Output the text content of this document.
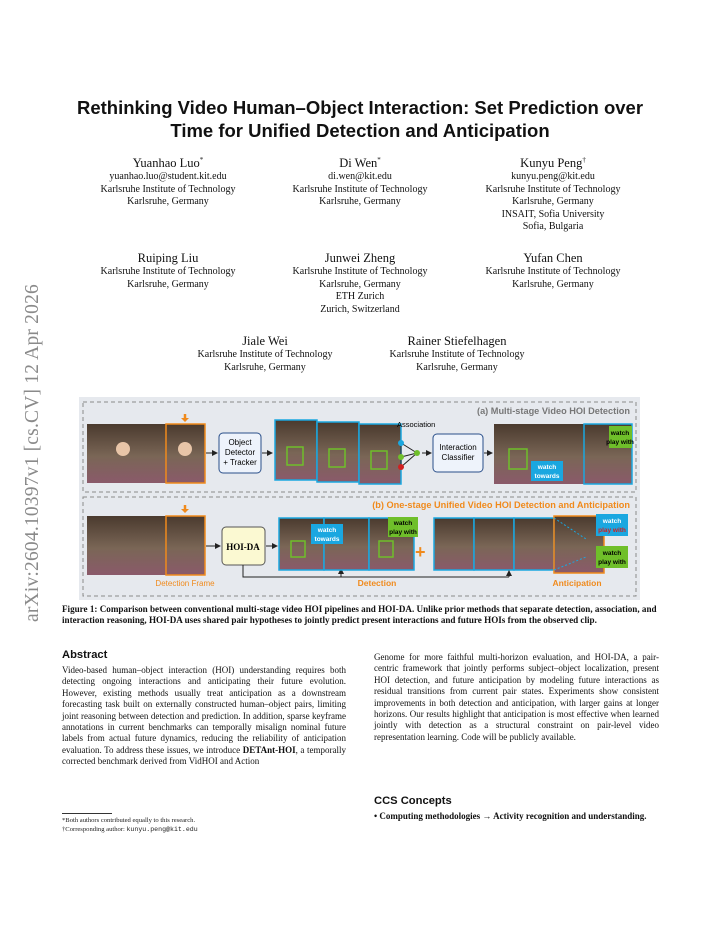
arXiv:2604.10397v1 [cs.CV] 12 Apr 2026
Rethinking Video Human–Object Interaction: Set Prediction over Time for Unified Detection and Anticipation
Yuanhao Luo*
yuanhao.luo@student.kit.edu
Karlsruhe Institute of Technology
Karlsruhe, Germany
Di Wen*
di.wen@kit.edu
Karlsruhe Institute of Technology
Karlsruhe, Germany
Kunyu Peng†
kunyu.peng@kit.edu
Karlsruhe Institute of Technology
Karlsruhe, Germany
INSAIT, Sofia University
Sofia, Bulgaria
Ruiping Liu
Karlsruhe Institute of Technology
Karlsruhe, Germany
Junwei Zheng
Karlsruhe Institute of Technology
Karlsruhe, Germany
ETH Zurich
Zurich, Switzerland
Yufan Chen
Karlsruhe Institute of Technology
Karlsruhe, Germany
Jiale Wei
Karlsruhe Institute of Technology
Karlsruhe, Germany
Rainer Stiefelhagen
Karlsruhe Institute of Technology
Karlsruhe, Germany
(a) Multi-stage Video HOI Detection
(b) One-stage Unified Video HOI Detection and Anticipation
Object
Detector
+ Tracker
Association
Interaction
Classifier
watch
play with
watch
towards
Detection Frame
HOI-DA
watch
towards
watch
play with
Detection
+
watch
play with
watch
play with
Anticipation
Figure 1: Comparison between conventional multi-stage video HOI pipelines and HOI-DA. Unlike prior methods that separate detection, association, and interaction reasoning, HOI-DA uses shared pair hypotheses to jointly predict present interactions and future HOIs from the observed clip.
Abstract
Video-based human–object interaction (HOI) understanding requires both detecting ongoing interactions and anticipating their future evolution. However, existing methods usually treat anticipation as a downstream forecasting task built on externally constructed human–object pairs, limiting joint reasoning between detection and prediction. In addition, sparse keyframe annotations in current benchmarks can temporally misalign nominal future labels from actual future dynamics, reducing the reliability of anticipation evaluation. To address these issues, we introduce DETAnt-HOI, a temporally corrected benchmark derived from VidHOI and Action
Genome for more faithful multi-horizon evaluation, and HOI-DA, a pair-centric framework that jointly performs subject–object localization, present HOI detection, and future anticipation by modeling future interactions as residual transitions from current pair states. Experiments show consistent improvements in both detection and anticipation, with larger gains at longer horizons. Our results highlight that anticipation is most effective when learned jointly with detection as a structural constraint on pair-level video representation learning. Code will be publicly available.
CCS Concepts
• Computing methodologies → Activity recognition and understanding.
*Both authors contributed equally to this research.
†Corresponding author: kunyu.peng@kit.edu
